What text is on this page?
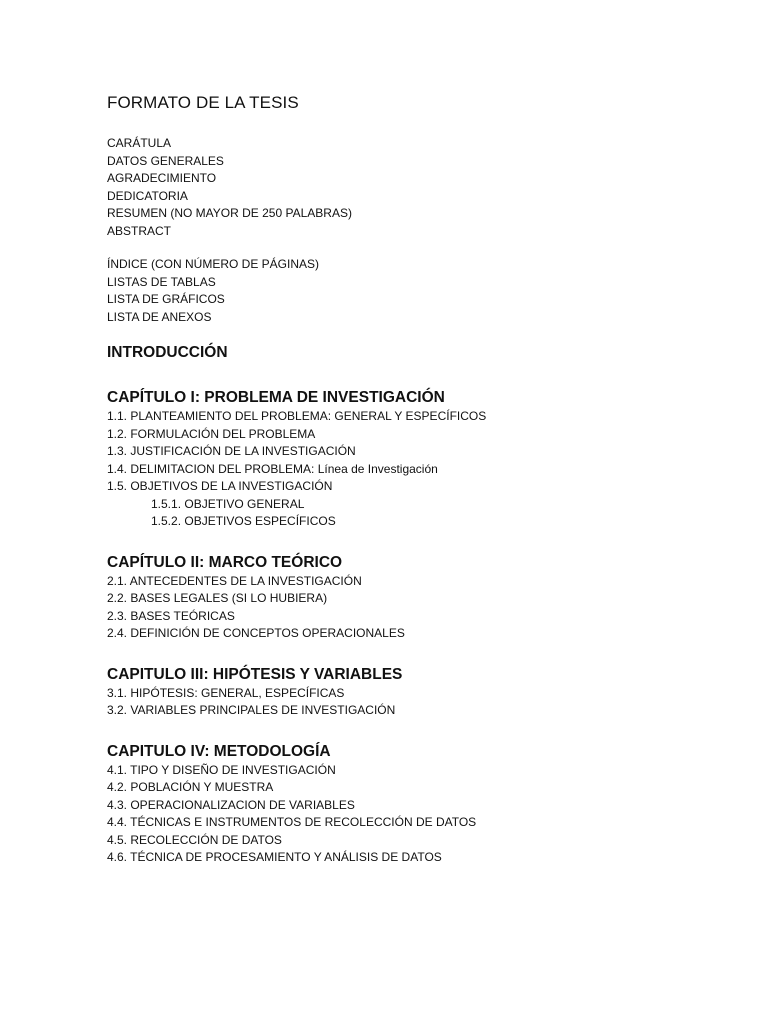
FORMATO DE LA TESIS
CARÁTULA
DATOS GENERALES
AGRADECIMIENTO
DEDICATORIA
RESUMEN (NO MAYOR DE 250 PALABRAS)
ABSTRACT
ÍNDICE (CON NÚMERO DE PÁGINAS)
LISTAS DE TABLAS
LISTA DE GRÁFICOS
LISTA DE ANEXOS
INTRODUCCIÓN
CAPÍTULO I: PROBLEMA DE INVESTIGACIÓN
1.1. PLANTEAMIENTO DEL PROBLEMA: GENERAL Y ESPECÍFICOS
1.2. FORMULACIÓN DEL PROBLEMA
1.3. JUSTIFICACIÓN DE LA INVESTIGACIÓN
1.4. DELIMITACION DEL PROBLEMA: Línea de Investigación
1.5. OBJETIVOS DE LA INVESTIGACIÓN
1.5.1. OBJETIVO GENERAL
1.5.2. OBJETIVOS ESPECÍFICOS
CAPÍTULO II: MARCO TEÓRICO
2.1. ANTECEDENTES DE LA INVESTIGACIÓN
2.2. BASES LEGALES (SI LO HUBIERA)
2.3. BASES TEÓRICAS
2.4. DEFINICIÓN DE CONCEPTOS OPERACIONALES
CAPITULO III: HIPÓTESIS Y VARIABLES
3.1. HIPÓTESIS: GENERAL, ESPECÍFICAS
3.2. VARIABLES PRINCIPALES DE INVESTIGACIÓN
CAPITULO IV: METODOLOGÍA
4.1. TIPO Y DISEÑO DE INVESTIGACIÓN
4.2. POBLACIÓN Y MUESTRA
4.3. OPERACIONALIZACION DE VARIABLES
4.4. TÉCNICAS E INSTRUMENTOS DE RECOLECCIÓN DE DATOS
4.5. RECOLECCIÓN DE DATOS
4.6. TÉCNICA DE PROCESAMIENTO Y ANÁLISIS DE DATOS
